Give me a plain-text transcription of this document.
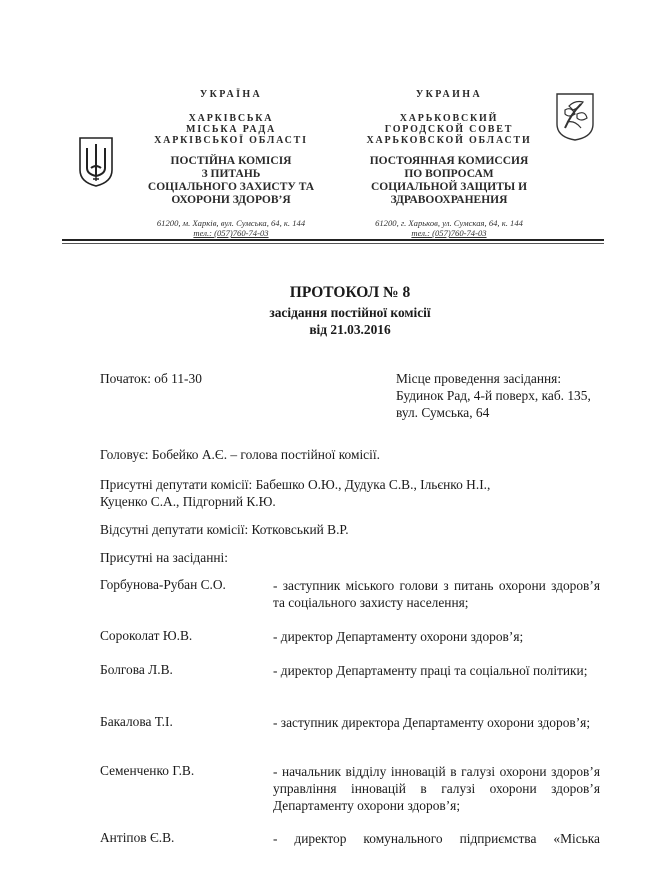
УКРАЇНА
ХАРКІВСЬКА
МІСЬКА РАДА
ХАРКІВСЬКОЇ ОБЛАСТІ
ПОСТІЙНА КОМІСІЯ
З ПИТАНЬ
СОЦІАЛЬНОГО ЗАХИСТУ ТА
ОХОРОНИ ЗДОРОВ’Я
61200, м. Харків, вул. Сумська, 64, к. 144
тел.: (057)760-74-03
УКРАИНА
ХАРЬКОВСКИЙ
ГОРОДСКОЙ СОВЕТ
ХАРЬКОВСКОЙ ОБЛАСТИ
ПОСТОЯННАЯ КОМИССИЯ
ПО ВОПРОСАМ
СОЦИАЛЬНОЙ ЗАЩИТЫ И
ЗДРАВООХРАНЕНИЯ
61200, г. Харьков, ул. Сумская, 64, к. 144
тел.: (057)760-74-03
ПРОТОКОЛ № 8
засідання постійної комісії
від 21.03.2016
Початок: об 11-30	Місце проведення засідання:
Будинок Рад, 4-й поверх, каб. 135,
вул. Сумська, 64
Головує: Бобейко А.Є. – голова постійної комісії.
Присутні депутати комісії: Бабешко О.Ю., Дудука С.В., Ільєнко Н.І.,
Куценко С.А., Підгорний К.Ю.
Відсутні депутати комісії: Котковський В.Р.
Присутні на засіданні:
Горбунова-Рубан С.О.	- заступник міського голови з питань охорони здоров’я та соціального захисту населення;
Сороколат Ю.В.	- директор Департаменту охорони здоров’я;
Болгова Л.В.	- директор Департаменту праці та соціальної політики;
Бакалова Т.І.	- заступник директора Департаменту охорони здоров’я;
Семенченко Г.В.	- начальник відділу інновацій в галузі охорони здоров’я управління інновацій в галузі охорони здоров’я Департаменту охорони здоров’я;
Антіпов Є.В.	- директор комунального підприємства «Міська
